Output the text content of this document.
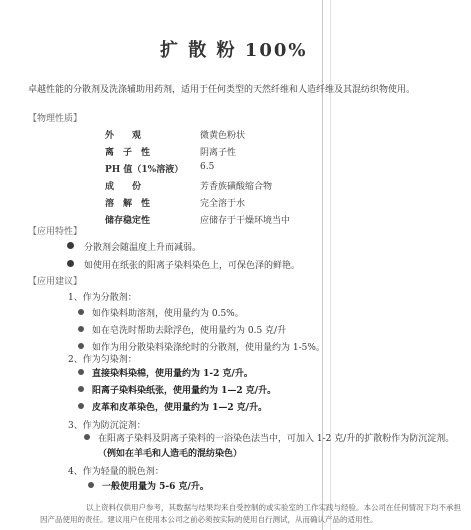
扩 散 粉 100%
卓越性能的分散剂及洗涤辅助用药剂，适用于任何类型的天然纤维和人造纤维及其混纺织物使用。
【物理性质】
外　　观	微黄色粉状
离　子　性	阴离子性
PH 值（1%溶液） 6.5
成　　份	芳香族磺酸缩合物
溶　解　性	完全溶于水
储存稳定性	应储存于干燥环境当中
【应用特性】
分散剂会随温度上升而减弱。
如使用在纸张的阳离子染料染色上，可保色泽的鲜艳。
【应用建议】
1、作为分散剂：
如作染料助溶剂，使用量约为 0.5%。
如在皂洗时帮助去除浮色，使用量约为 0.5 克/升
如作为用分散染料染涤纶时的分散剂，使用量约为 1-5%。
2、作为匀染剂：
直接染料染棉，使用量约为 1-2 克/升。
阳离子染料染纸张，使用量约为 1—2 克/升。
皮革和皮革染色，使用量约为 1—2 克/升。
3、作为防沉淀剂：
在阳离子染料及阴离子染料的一浴染色法当中，可加入 1-2 克/升的扩散粉作为防沉淀剂。
（例如在羊毛和人造毛的混纺染色）
4、作为轻量的脱色剂：
一般使用量为 5-6 克/升。
以上资料仅供用户参考，其数据与结果均来自受控制的或实验室的工作实践与经验。本公司在任何情况下均不承担
因产品使用的责任。建议用户在使用本公司之前必须按实际的使用自行测试，从而确认产品的适用性。
